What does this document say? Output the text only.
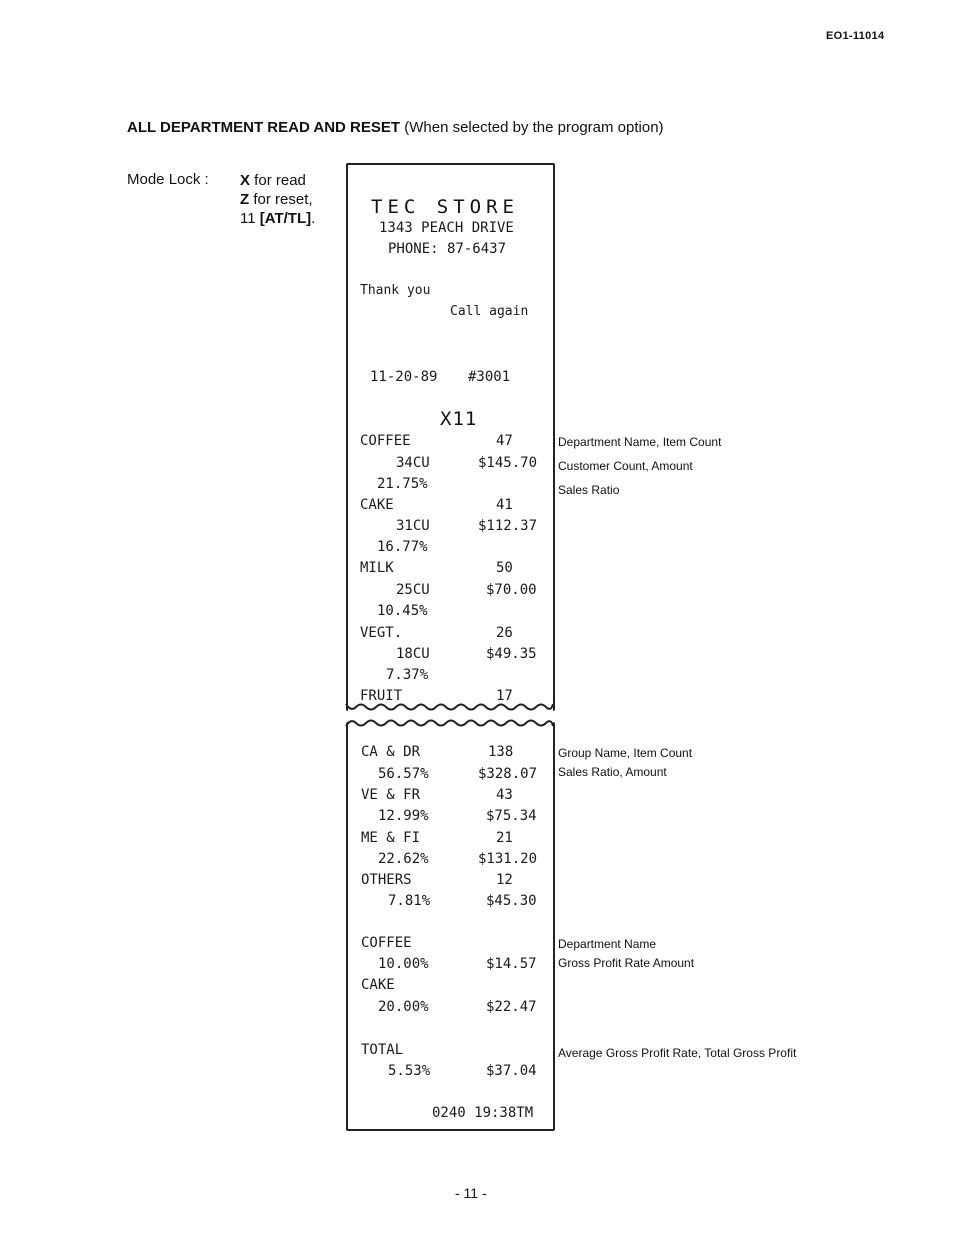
EO1-11014
ALL DEPARTMENT READ AND RESET (When selected by the program option)
Mode Lock : X for read
Z for reset,
11 [AT/TL].
TEC STORE
1343 PEACH DRIVE
PHONE: 87-6437
Thank you
Call again
11-20-89 #3001
X11
COFFEE	47
34CU	$145.70
21.75%
CAKE	41
31CU	$112.37
16.77%
MILK	50
25CU	$70.00
10.45%
VEGT.	26
18CU	$49.35
7.37%
FRUIT	17
CA & DR	138
56.57%	$328.07
VE & FR	43
12.99%	$75.34
ME & FI	21
22.62%	$131.20
OTHERS	12
7.81%	$45.30
COFFEE
10.00%	$14.57
CAKE
20.00%	$22.47
TOTAL
5.53%	$37.04
0240 19:38TM
Department Name, Item Count
Customer Count, Amount
Sales Ratio
Group Name, Item Count
Sales Ratio, Amount
Department Name
Gross Profit Rate Amount
Average Gross Profit Rate, Total Gross Profit
- 11 -
